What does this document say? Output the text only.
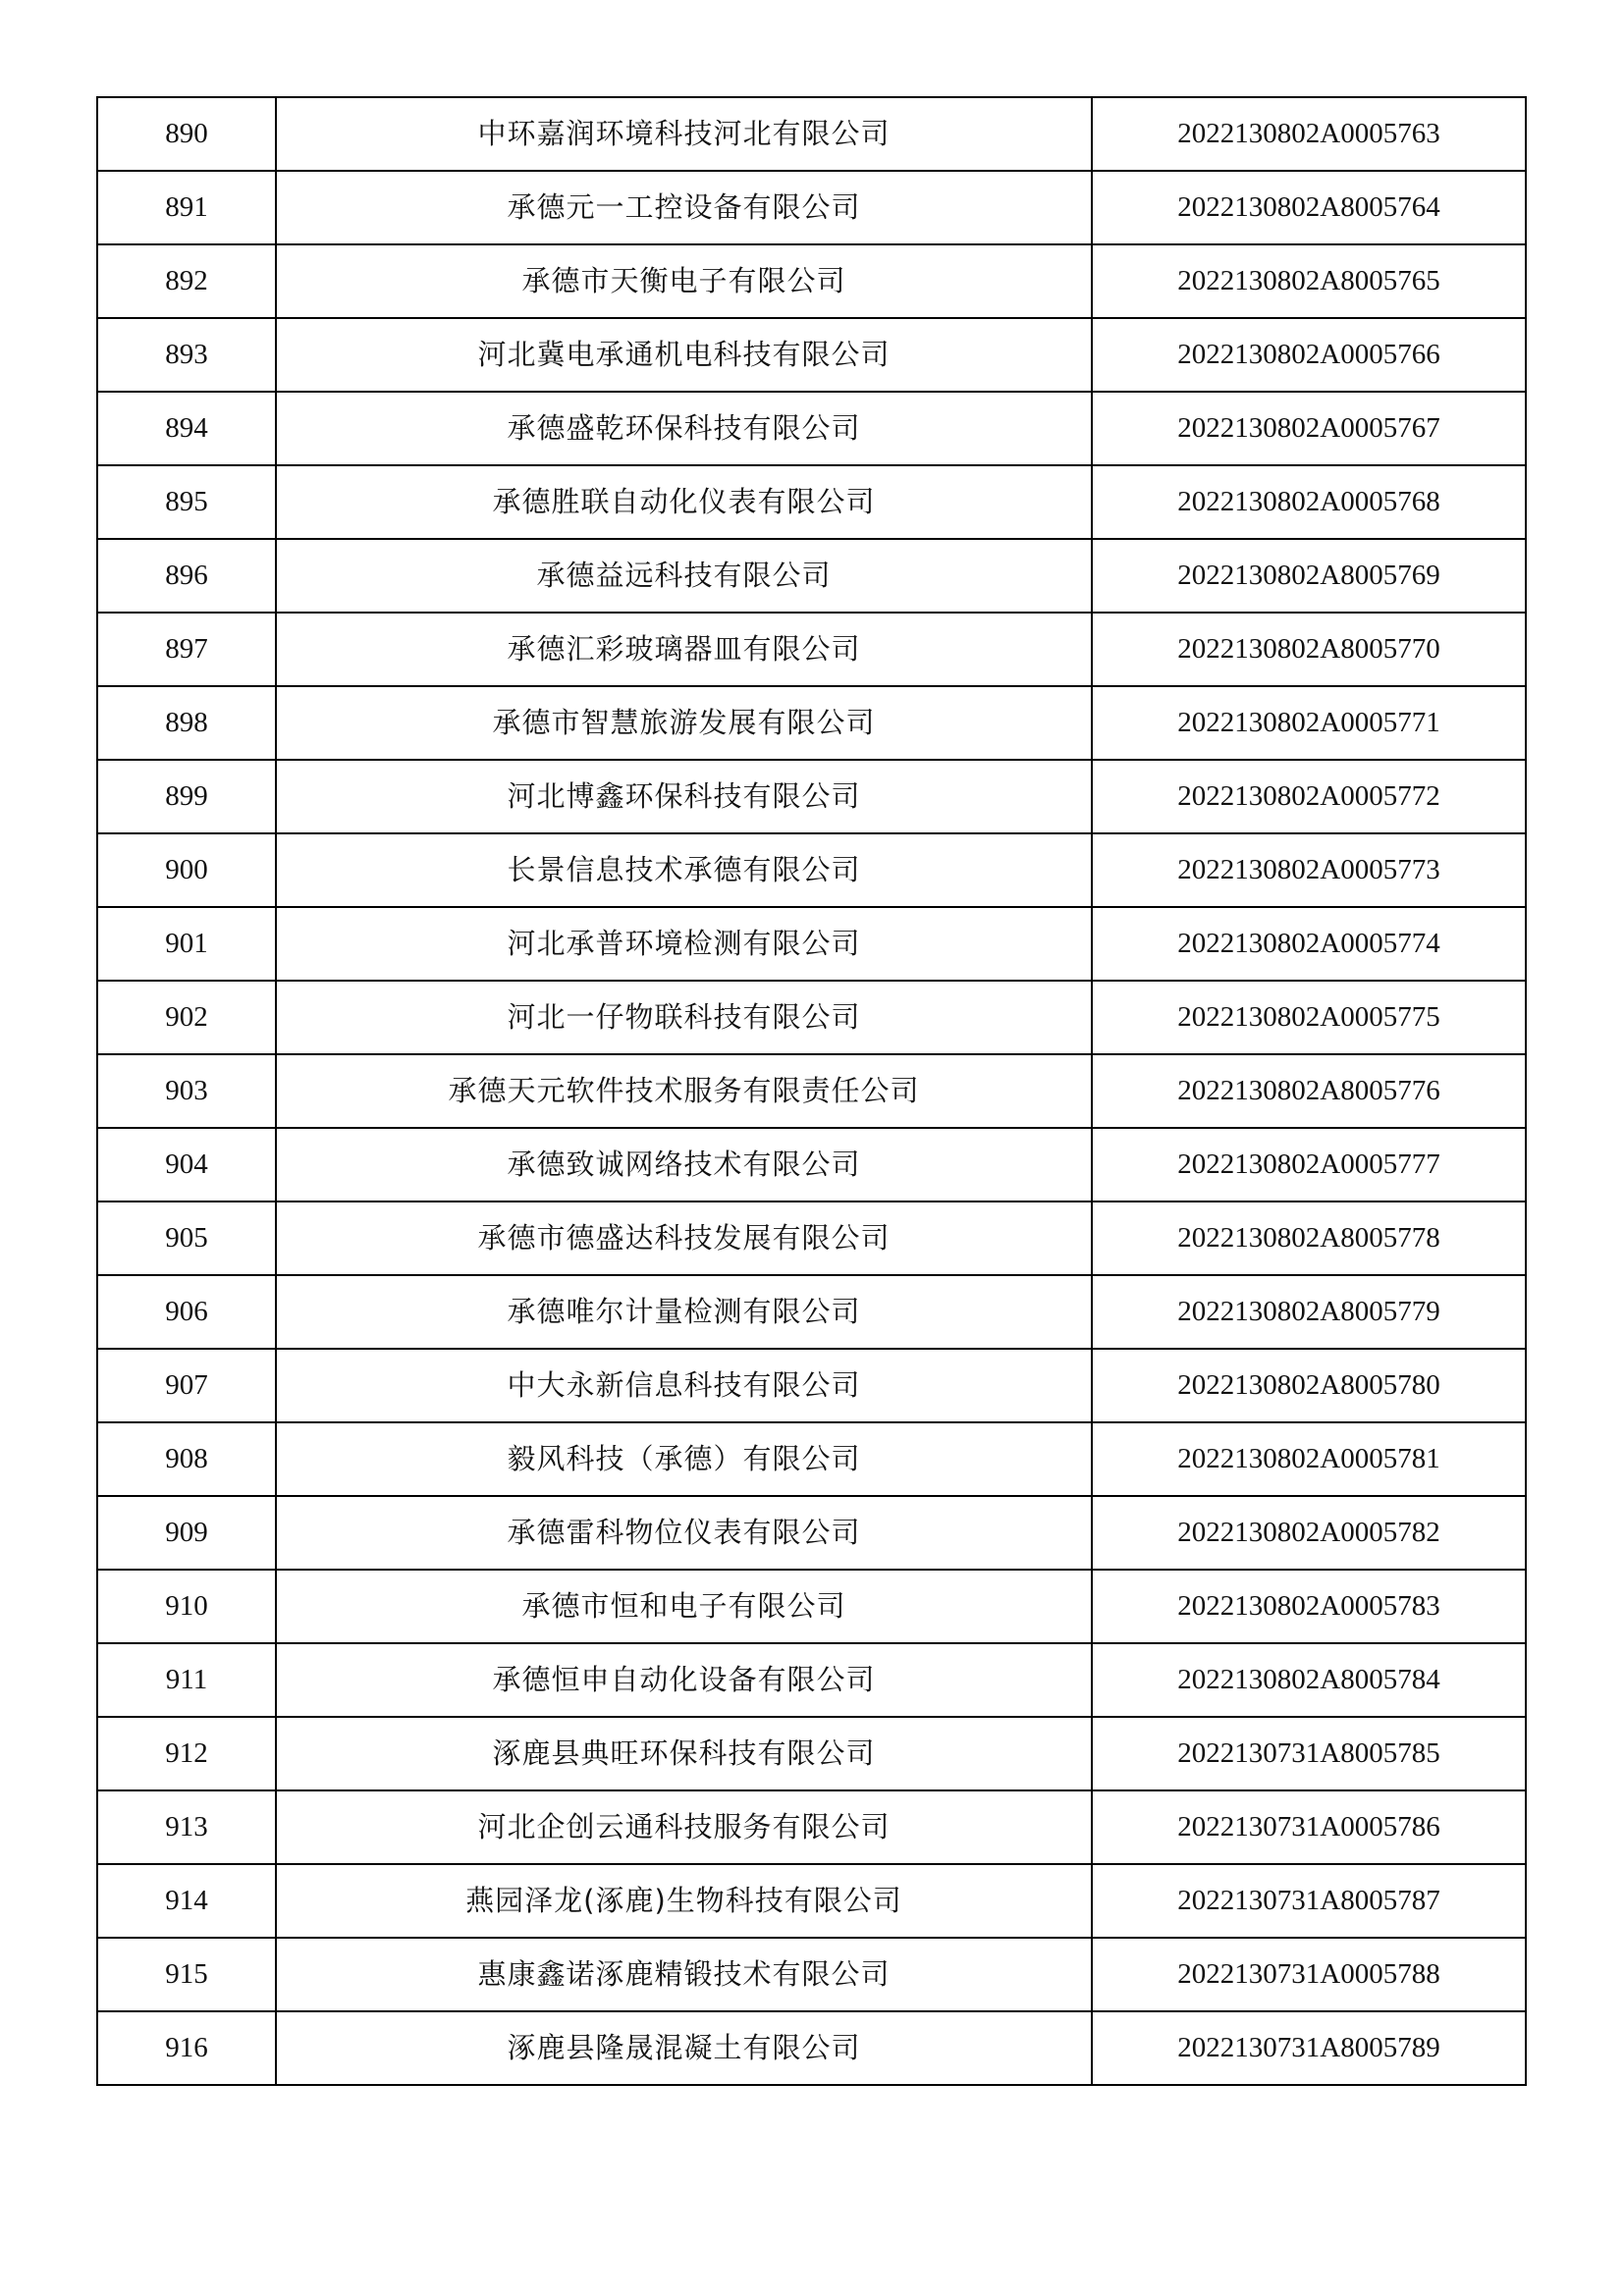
890	中环嘉润环境科技河北有限公司	2022130802A0005763
891	承德元一工控设备有限公司	2022130802A8005764
892	承德市天衡电子有限公司	2022130802A8005765
893	河北冀电承通机电科技有限公司	2022130802A0005766
894	承德盛乾环保科技有限公司	2022130802A0005767
895	承德胜联自动化仪表有限公司	2022130802A0005768
896	承德益远科技有限公司	2022130802A8005769
897	承德汇彩玻璃器皿有限公司	2022130802A8005770
898	承德市智慧旅游发展有限公司	2022130802A0005771
899	河北博鑫环保科技有限公司	2022130802A0005772
900	长景信息技术承德有限公司	2022130802A0005773
901	河北承普环境检测有限公司	2022130802A0005774
902	河北一仔物联科技有限公司	2022130802A0005775
903	承德天元软件技术服务有限责任公司	2022130802A8005776
904	承德致诚网络技术有限公司	2022130802A0005777
905	承德市德盛达科技发展有限公司	2022130802A8005778
906	承德唯尔计量检测有限公司	2022130802A8005779
907	中大永新信息科技有限公司	2022130802A8005780
908	毅风科技（承德）有限公司	2022130802A0005781
909	承德雷科物位仪表有限公司	2022130802A0005782
910	承德市恒和电子有限公司	2022130802A0005783
911	承德恒申自动化设备有限公司	2022130802A8005784
912	涿鹿县典旺环保科技有限公司	2022130731A8005785
913	河北企创云通科技服务有限公司	2022130731A0005786
914	燕园泽龙(涿鹿)生物科技有限公司	2022130731A8005787
915	惠康鑫诺涿鹿精锻技术有限公司	2022130731A0005788
916	涿鹿县隆晟混凝土有限公司	2022130731A8005789
